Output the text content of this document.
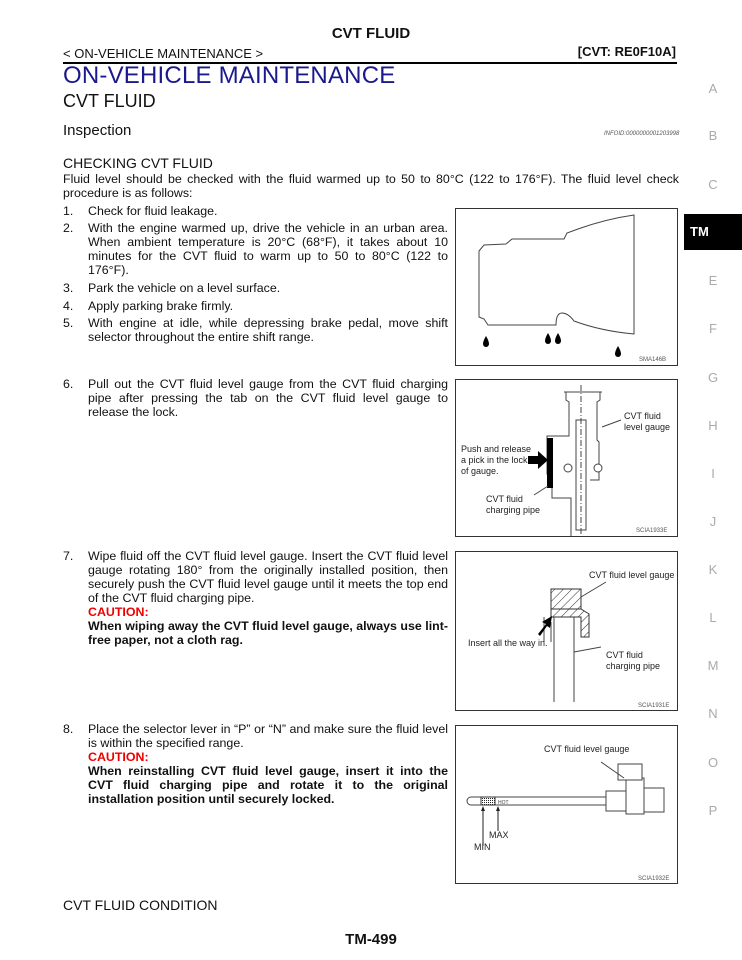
CVT FLUID
< ON-VEHICLE MAINTENANCE >	[CVT: RE0F10A]
ON-VEHICLE MAINTENANCE
CVT FLUID
Inspection	INFOID:0000000001203998
CHECKING CVT FLUID
Fluid level should be checked with the fluid warmed up to 50 to 80°C (122 to 176°F). The fluid level check procedure is as follows:
1. Check for fluid leakage.
2. With the engine warmed up, drive the vehicle in an urban area. When ambient temperature is 20°C (68°F), it takes about 10 minutes for the CVT fluid to warm up to 50 to 80°C (122 to 176°F).
3. Park the vehicle on a level surface.
4. Apply parking brake firmly.
5. With engine at idle, while depressing brake pedal, move shift selector throughout the entire shift range.
6. Pull out the CVT fluid level gauge from the CVT fluid charging pipe after pressing the tab on the CVT fluid level gauge to release the lock.
7. Wipe fluid off the CVT fluid level gauge. Insert the CVT fluid level gauge rotating 180° from the originally installed position, then securely push the CVT fluid level gauge until it meets the top end of the CVT fluid charging pipe.
CAUTION:
When wiping away the CVT fluid level gauge, always use lint-free paper, not a cloth rag.
8. Place the selector lever in “P” or “N” and make sure the fluid level is within the specified range.
CAUTION:
When reinstalling CVT fluid level gauge, insert it into the CVT fluid charging pipe and rotate it to the original installation position until securely locked.
SMA146B
CVT fluid
level gauge
Push and release
a pick in the lock
of gauge.
CVT fluid
charging pipe
SCIA1933E
CVT fluid level gauge
Insert all the way in.
CVT fluid
charging pipe
SCIA1931E
HOT
CVT fluid level gauge
MAX
MIN
SCIA1932E
A
B
C
TM
E
F
G
H
I
J
K
L
M
N
O
P
CVT FLUID CONDITION
TM-499
